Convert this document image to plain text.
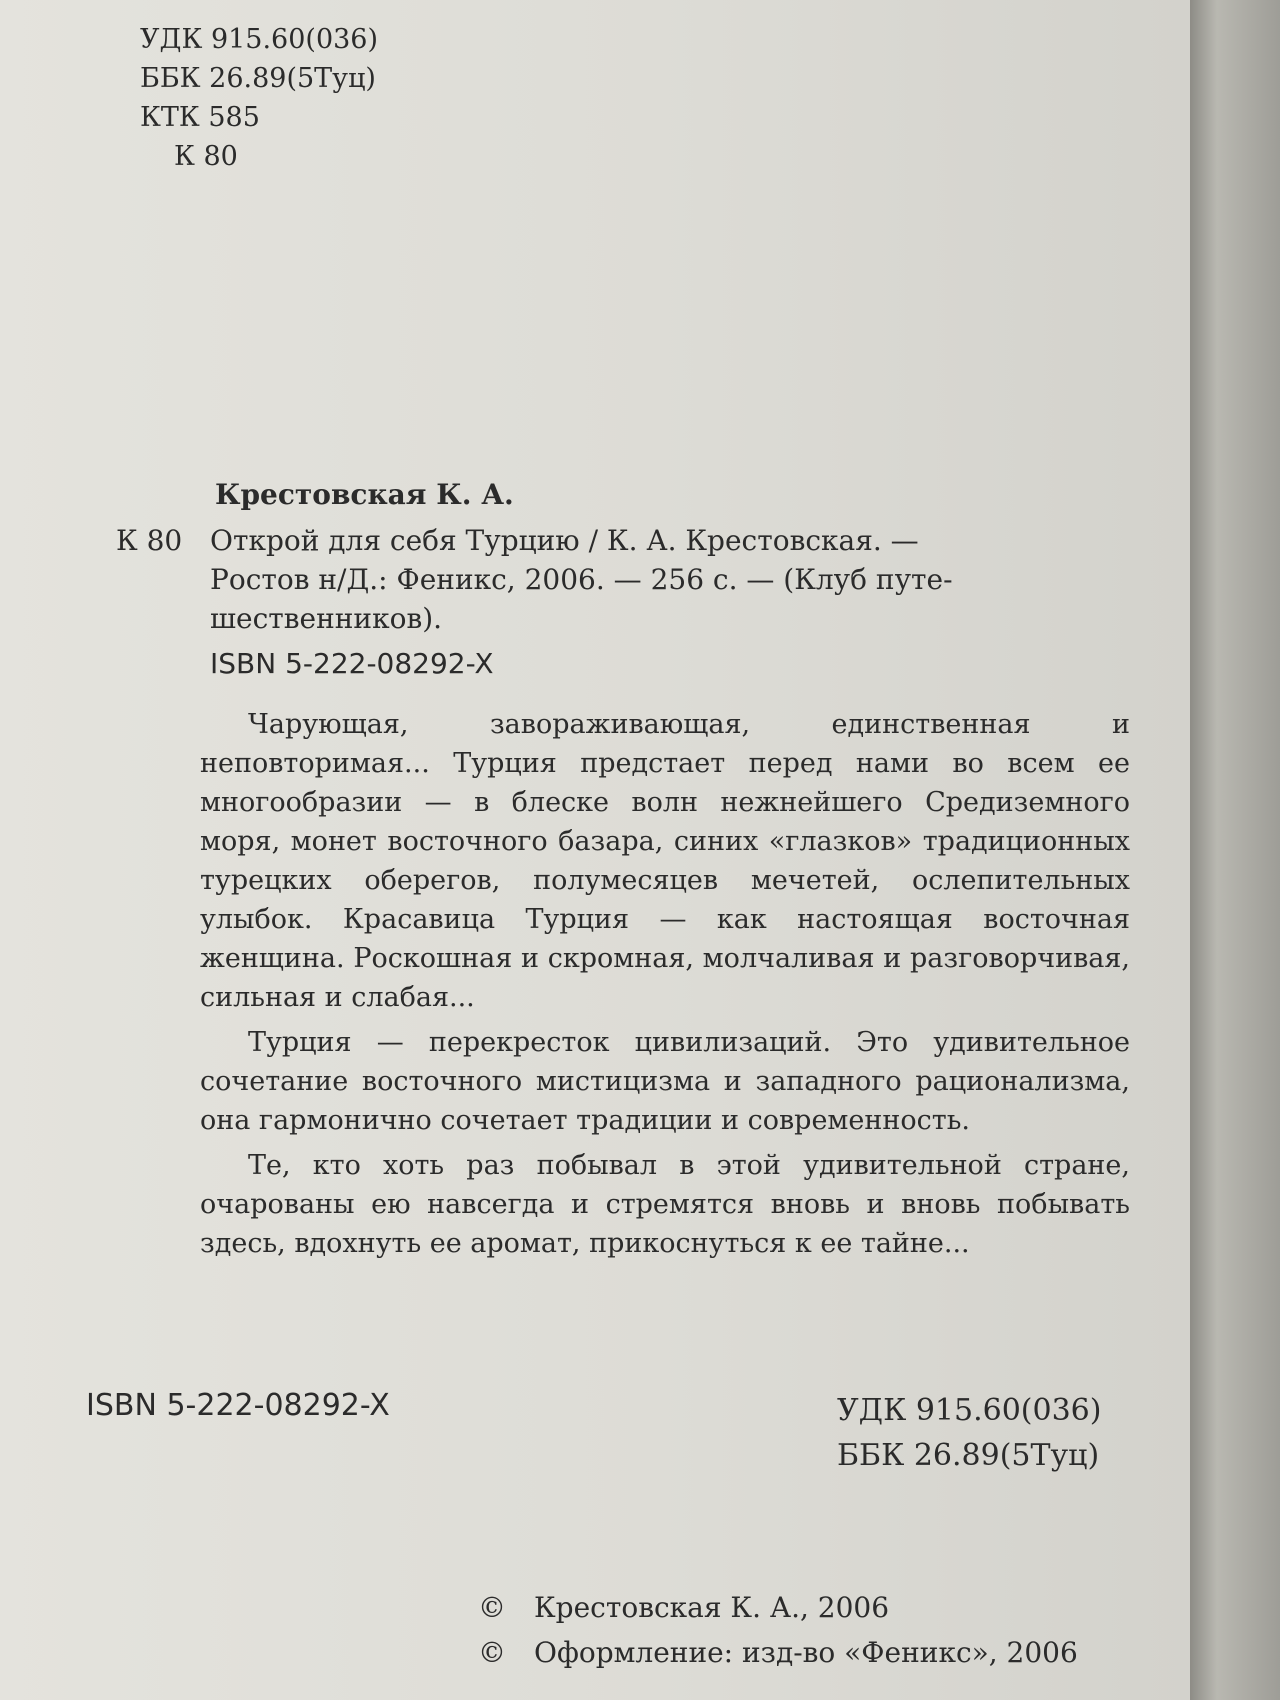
УДК 915.60(036)
ББК 26.89(5Туц)
КТК 585
К 80
Крестовская К. А.
К 80 Открой для себя Турцию / К. А. Крестовская. —
Ростов н/Д.: Феникс, 2006. — 256 с. — (Клуб путе-
шественников).
ISBN 5-222-08292-X

Чарующая, завораживающая, единственная и неповторимая... Турция предстает перед нами во всем ее многообразии — в блеске волн нежнейшего Средиземного моря, монет восточного базара, синих «глазков» традиционных турецких оберегов, полумесяцев мечетей, ослепительных улыбок. Красавица Турция — как настоящая восточная женщина. Роскошная и скромная, молчаливая и разговорчивая, сильная и слабая...

Турция — перекресток цивилизаций. Это удивительное сочетание восточного мистицизма и западного рационализма, она гармонично сочетает традиции и современность.

Те, кто хоть раз побывал в этой удивительной стране, очарованы ею навсегда и стремятся вновь и вновь побывать здесь, вдохнуть ее аромат, прикоснуться к ее тайне...

ISBN 5-222-08292-X	УДК 915.60(036)
ББК 26.89(5Туц)
© Крестовская К. А., 2006
© Оформление: изд-во «Феникс», 2006
